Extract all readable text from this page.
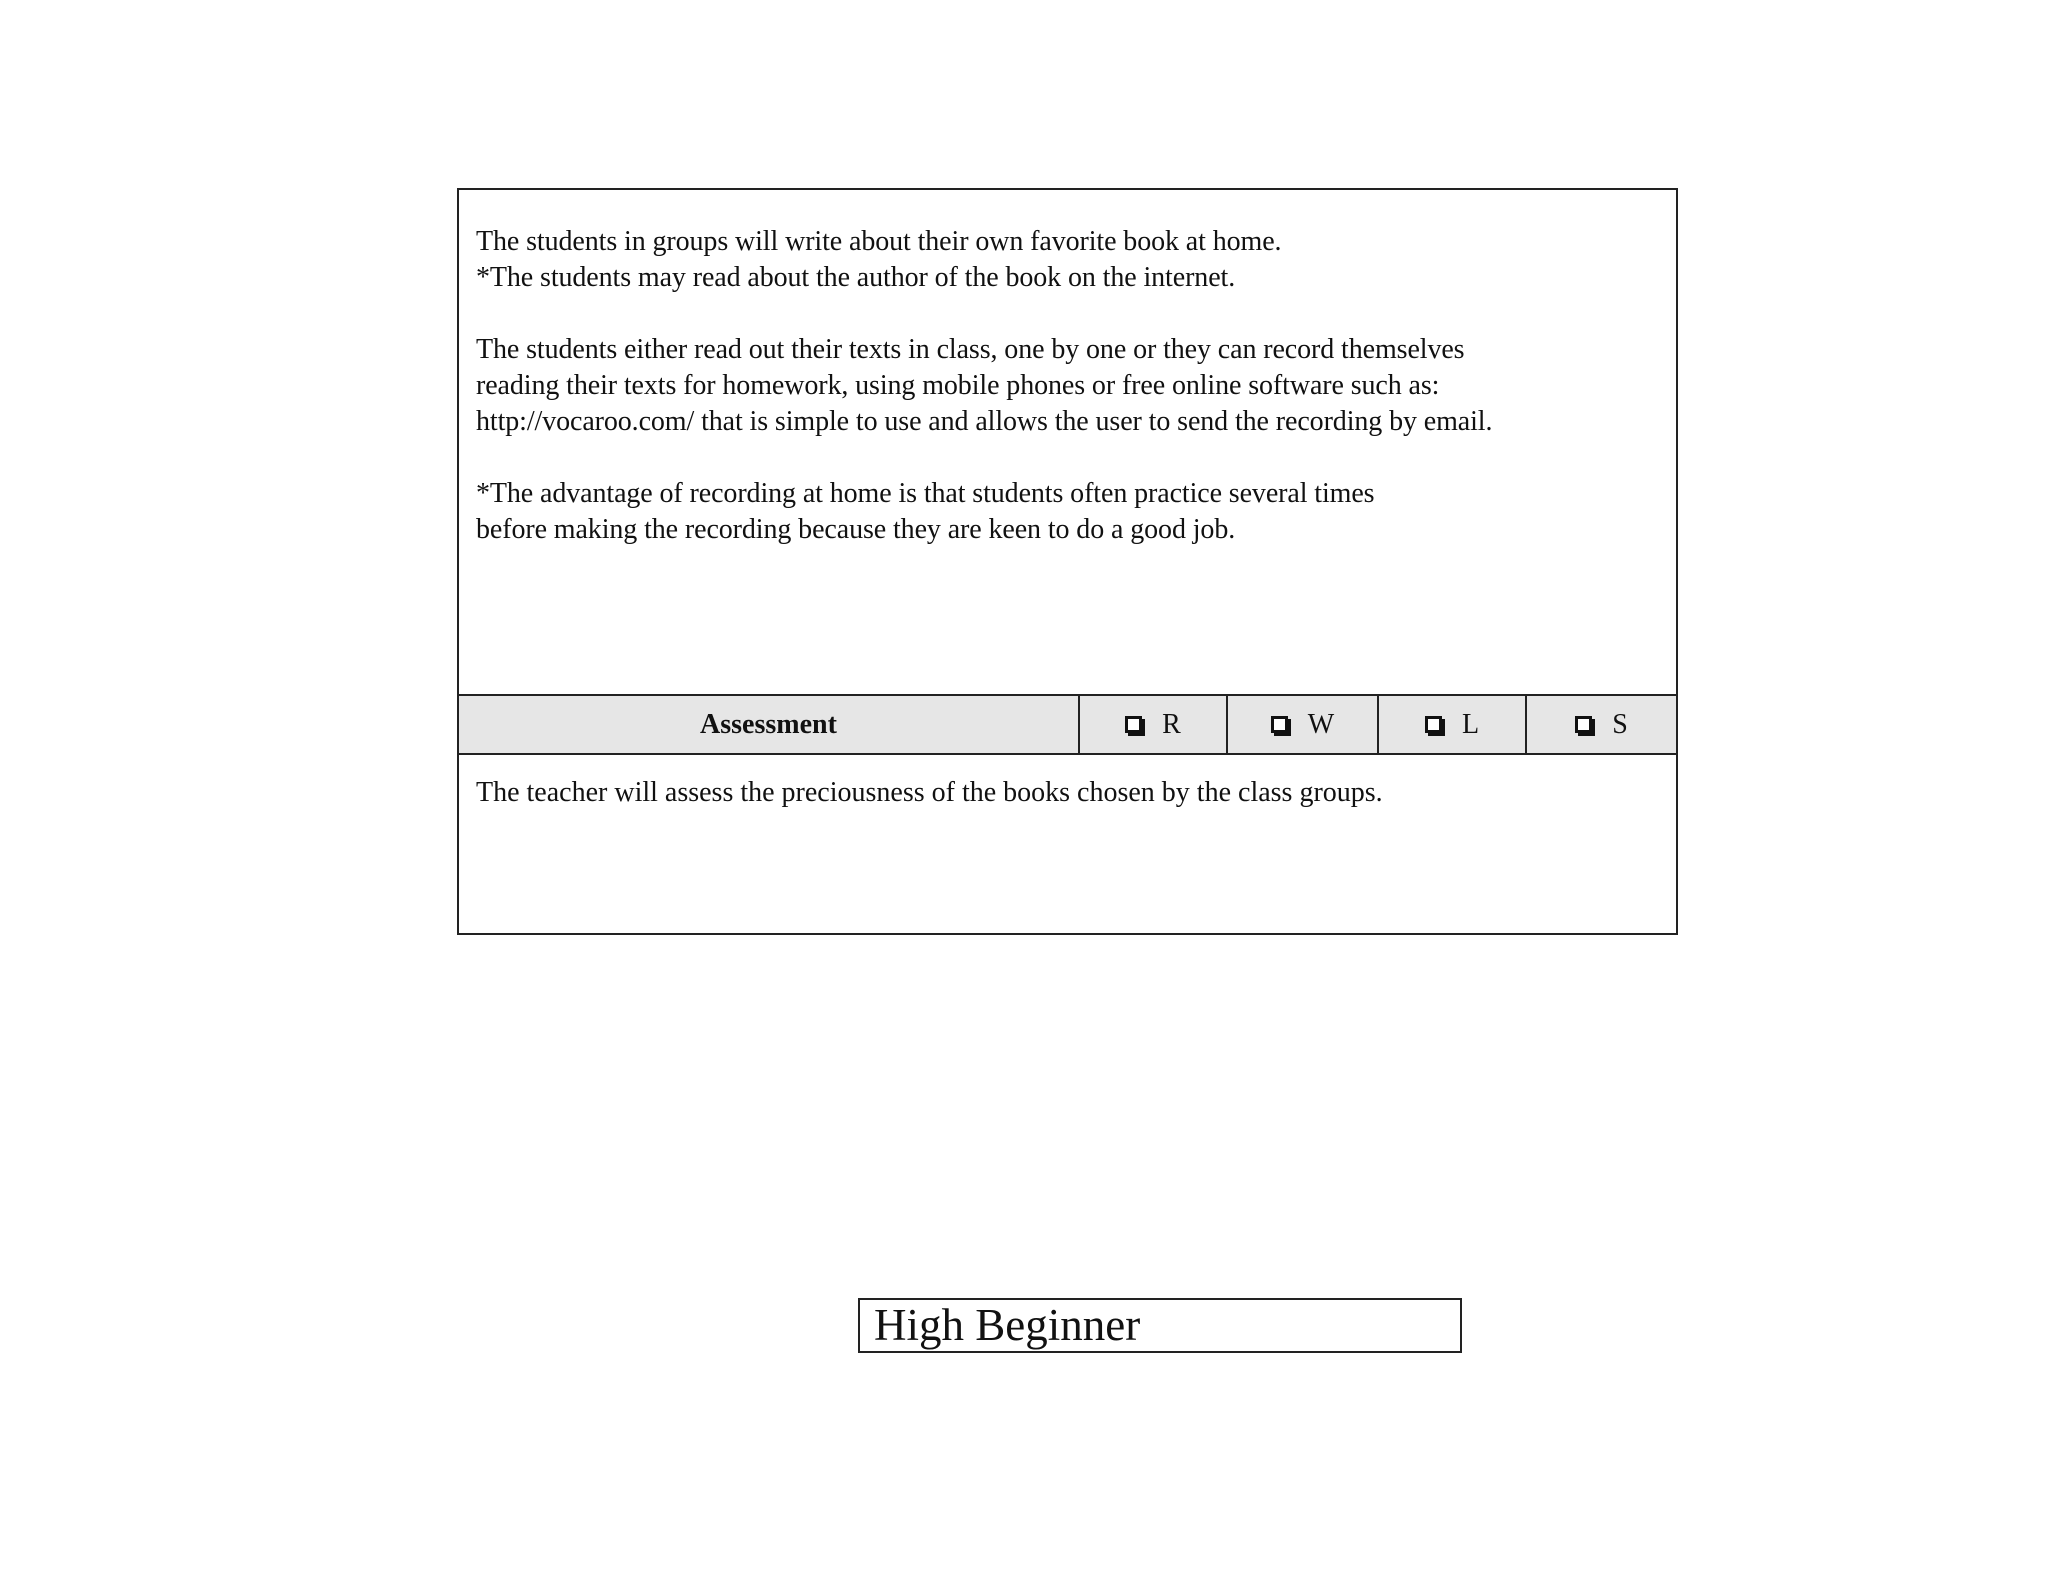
The students in groups will write about their own favorite book at home.
*The students may read about the author of the book on the internet.
The students either read out their texts in class, one by one or they can record themselves
reading their texts for homework, using mobile phones or free online software such as:
http://vocaroo.com/ that is simple to use and allows the user to send the recording by email.
*The advantage of recording at home is that students often practice several times
before making the recording because they are keen to do a good job.
Assessment	R	W	L	S
The teacher will assess the preciousness of the books chosen by the class groups.
High Beginner
